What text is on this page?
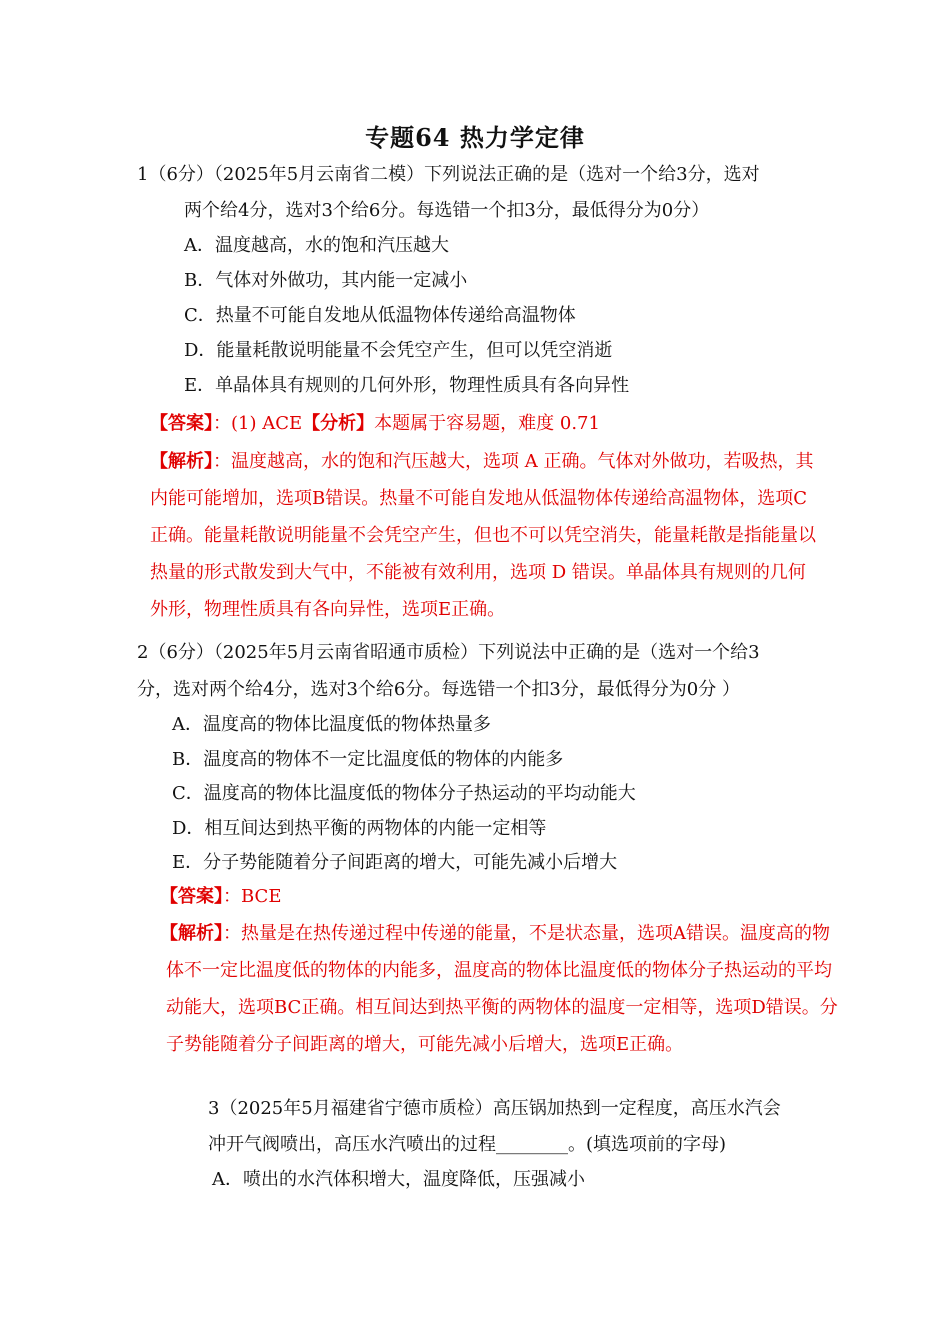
专题64 热力学定律
1（6分）（2025年5月云南省二模）下列说法正确的是（选对一个给3分，选对
两个给4分，选对3个给6分。每选错一个扣3分，最低得分为0分）
A．温度越高，水的饱和汽压越大
B．气体对外做功，其内能一定减小
C．热量不可能自发地从低温物体传递给高温物体
D．能量耗散说明能量不会凭空产生，但可以凭空消逝
E．单晶体具有规则的几何外形，物理性质具有各向异性
【答案】：(1) ACE【分析】本题属于容易题，难度 0.71
【解析】：温度越高，水的饱和汽压越大，选项 A 正确。气体对外做功，若吸热，其
内能可能增加，选项B错误。热量不可能自发地从低温物体传递给高温物体，选项C
正确。能量耗散说明能量不会凭空产生，但也不可以凭空消失，能量耗散是指能量以
热量的形式散发到大气中，不能被有效利用，选项 D 错误。单晶体具有规则的几何
外形，物理性质具有各向异性，选项E正确。
2（6分）（2025年5月云南省昭通市质检）下列说法中正确的是（选对一个给3
分，选对两个给4分，选对3个给6分。每选错一个扣3分，最低得分为0分 ）
A．温度高的物体比温度低的物体热量多
B．温度高的物体不一定比温度低的物体的内能多
C．温度高的物体比温度低的物体分子热运动的平均动能大
D．相互间达到热平衡的两物体的内能一定相等
E．分子势能随着分子间距离的增大，可能先减小后增大
【答案】：BCE
【解析】：热量是在热传递过程中传递的能量，不是状态量，选项A错误。温度高的物
体不一定比温度低的物体的内能多，温度高的物体比温度低的物体分子热运动的平均
动能大，选项BC正确。相互间达到热平衡的两物体的温度一定相等，选项D错误。分
子势能随着分子间距离的增大，可能先减小后增大，选项E正确。
3（2025年5月福建省宁德市质检）高压锅加热到一定程度，高压水汽会
冲开气阀喷出，高压水汽喷出的过程________。(填选项前的字母)
A．喷出的水汽体积增大，温度降低，压强减小
